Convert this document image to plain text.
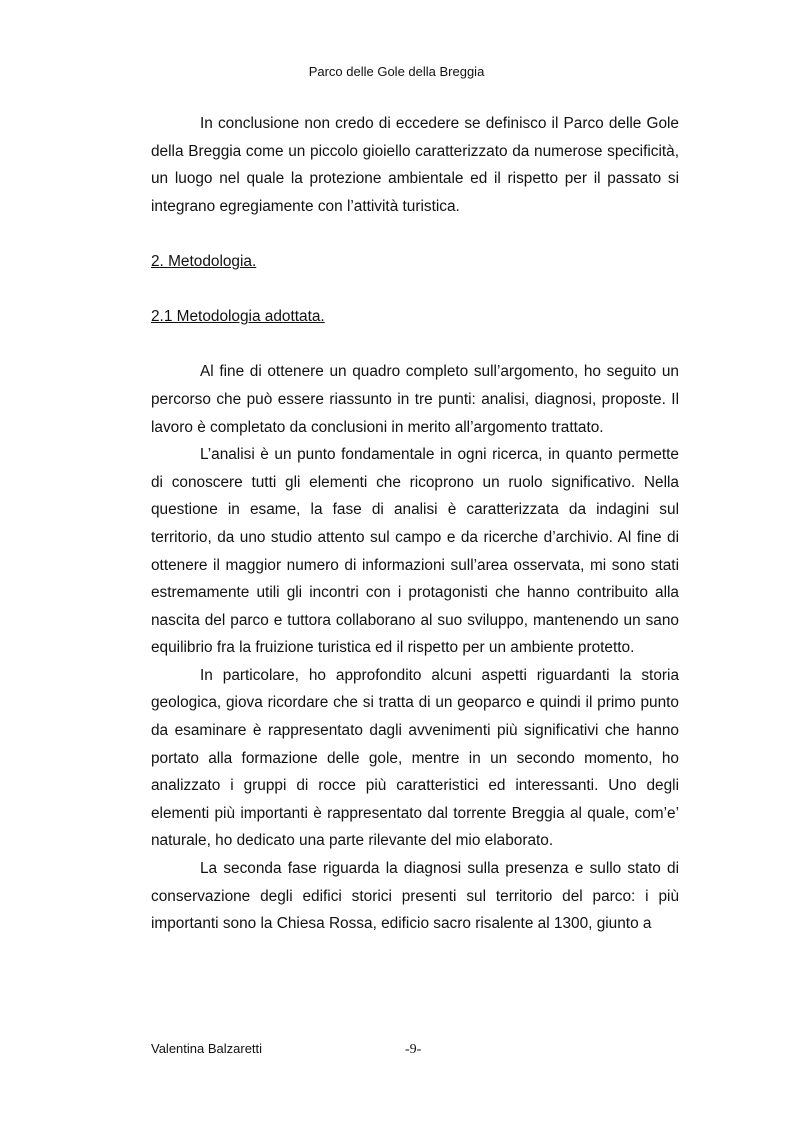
Parco delle Gole della Breggia

In conclusione non credo di eccedere se definisco il Parco delle Gole della Breggia come un piccolo gioiello caratterizzato da numerose specificità, un luogo nel quale la protezione ambientale ed il rispetto per il passato si integrano egregiamente con l’attività turistica.

2. Metodologia.
2.1 Metodologia adottata.

Al fine di ottenere un quadro completo sull’argomento, ho seguito un percorso che può essere riassunto in tre punti: analisi, diagnosi, proposte. Il lavoro è completato da conclusioni in merito all’argomento trattato.

L’analisi è un punto fondamentale in ogni ricerca, in quanto permette di conoscere tutti gli elementi che ricoprono un ruolo significativo. Nella questione in esame, la fase di analisi è caratterizzata da indagini sul territorio, da uno studio attento sul campo e da ricerche d’archivio. Al fine di ottenere il maggior numero di informazioni sull’area osservata, mi sono stati estremamente utili gli incontri con i protagonisti che hanno contribuito alla nascita del parco e tuttora collaborano al suo sviluppo, mantenendo un sano equilibrio fra la fruizione turistica ed il rispetto per un ambiente protetto.

In particolare, ho approfondito alcuni aspetti riguardanti la storia geologica, giova ricordare che si tratta di un geoparco e quindi il primo punto da esaminare è rappresentato dagli avvenimenti più significativi che hanno portato alla formazione delle gole, mentre in un secondo momento, ho analizzato i gruppi di rocce più caratteristici ed interessanti. Uno degli elementi più importanti è rappresentato dal torrente Breggia al quale, com’e’ naturale, ho dedicato una parte rilevante del mio elaborato.

La seconda fase riguarda la diagnosi sulla presenza e sullo stato di conservazione degli edifici storici presenti sul territorio del parco: i più importanti sono la Chiesa Rossa, edificio sacro risalente al 1300, giunto a

Valentina Balzaretti	-9-
